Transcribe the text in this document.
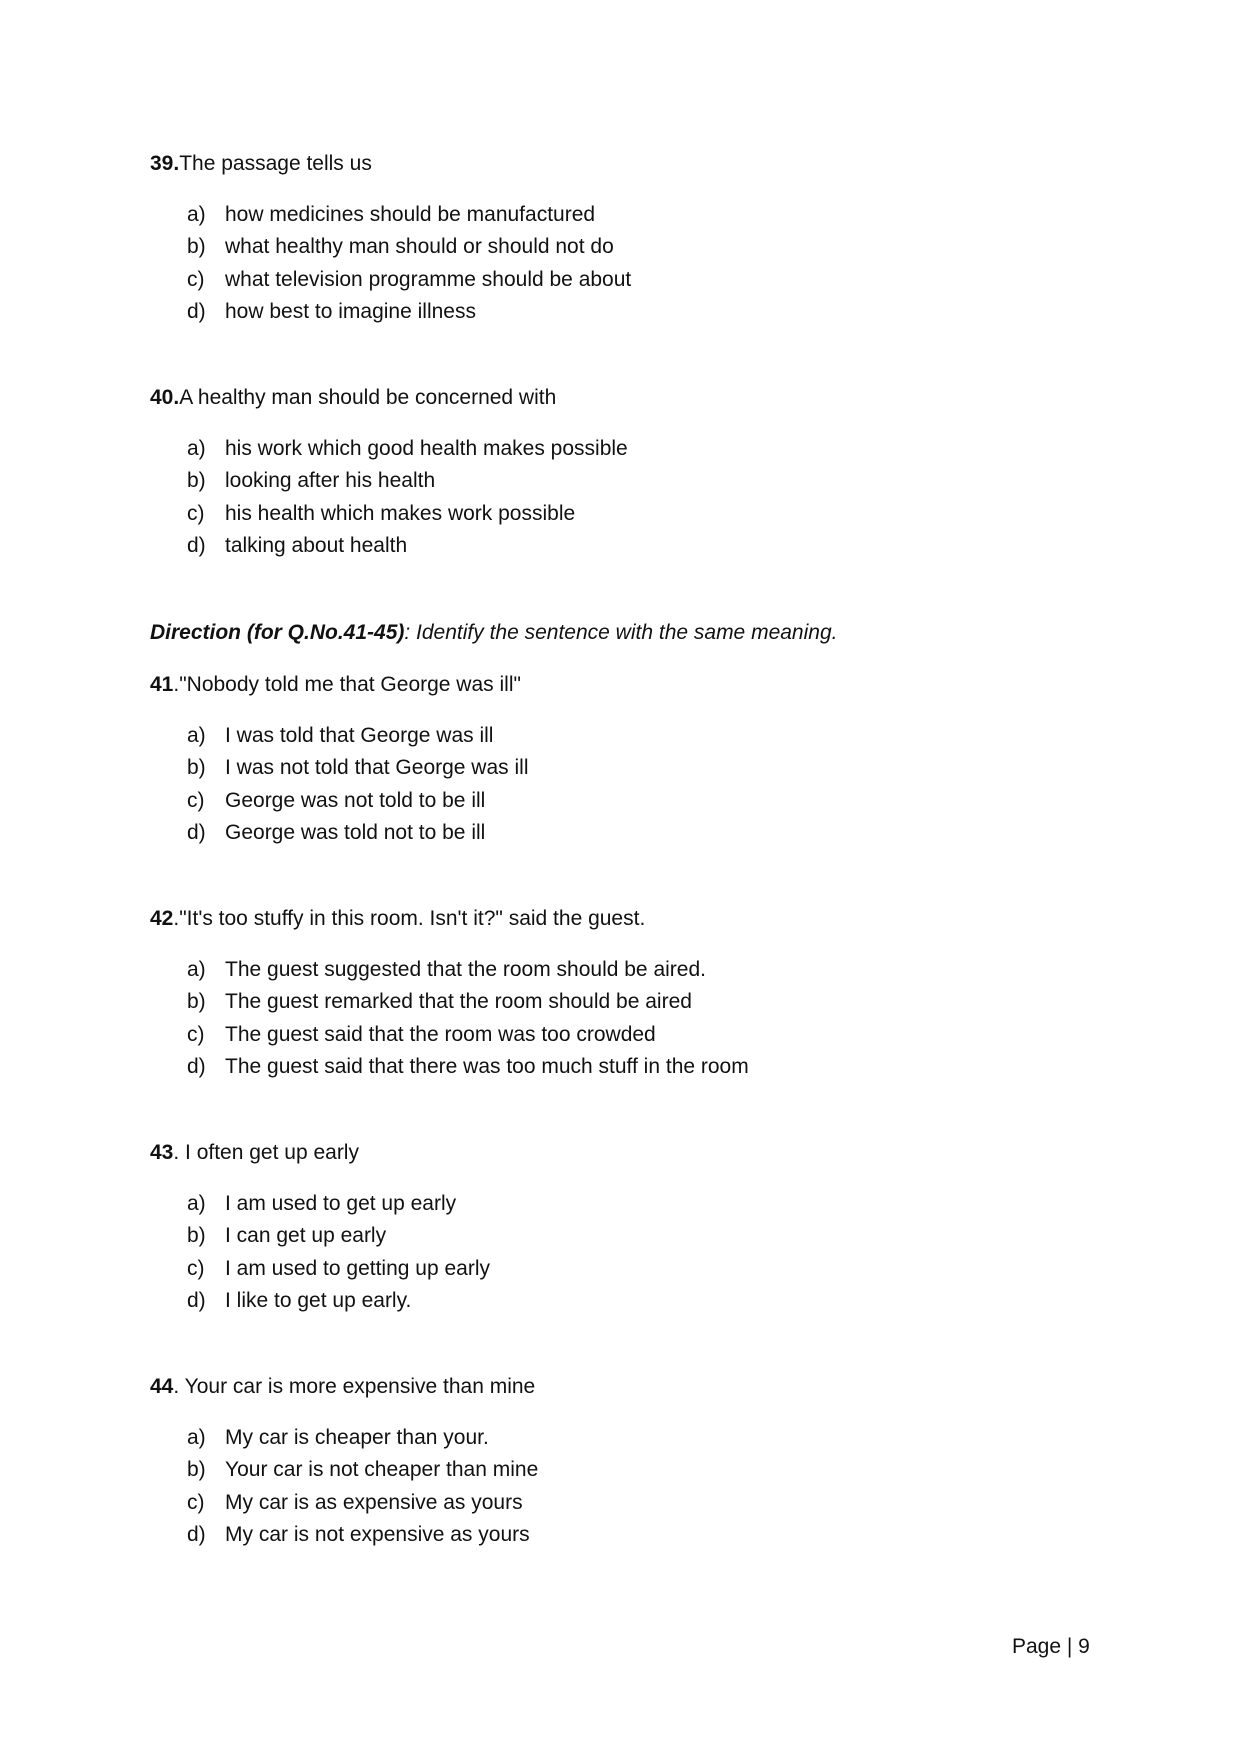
39.The passage tells us
a) how medicines should be manufactured
b) what healthy man should or should not do
c) what television programme should be about
d) how best to imagine illness
40.A healthy man should be concerned with
a) his work which good health makes possible
b) looking after his health
c) his health which makes work possible
d) talking about health
Direction (for Q.No.41-45): Identify the sentence with the same meaning.
41."Nobody told me that George was ill"
a) I was told that George was ill
b) I was not told that George was ill
c) George was not told to be ill
d) George was told not to be ill
42."It's too stuffy in this room. Isn't it?" said the guest.
a) The guest suggested that the room should be aired.
b) The guest remarked that the room should be aired
c) The guest said that the room was too crowded
d) The guest said that there was too much stuff in the room
43. I often get up early
a) I am used to get up early
b) I can get up early
c) I am used to getting up early
d) I like to get up early.
44. Your car is more expensive than mine
a) My car is cheaper than your.
b) Your car is not cheaper than mine
c) My car is as expensive as yours
d) My car is not expensive as yours
Page | 9
